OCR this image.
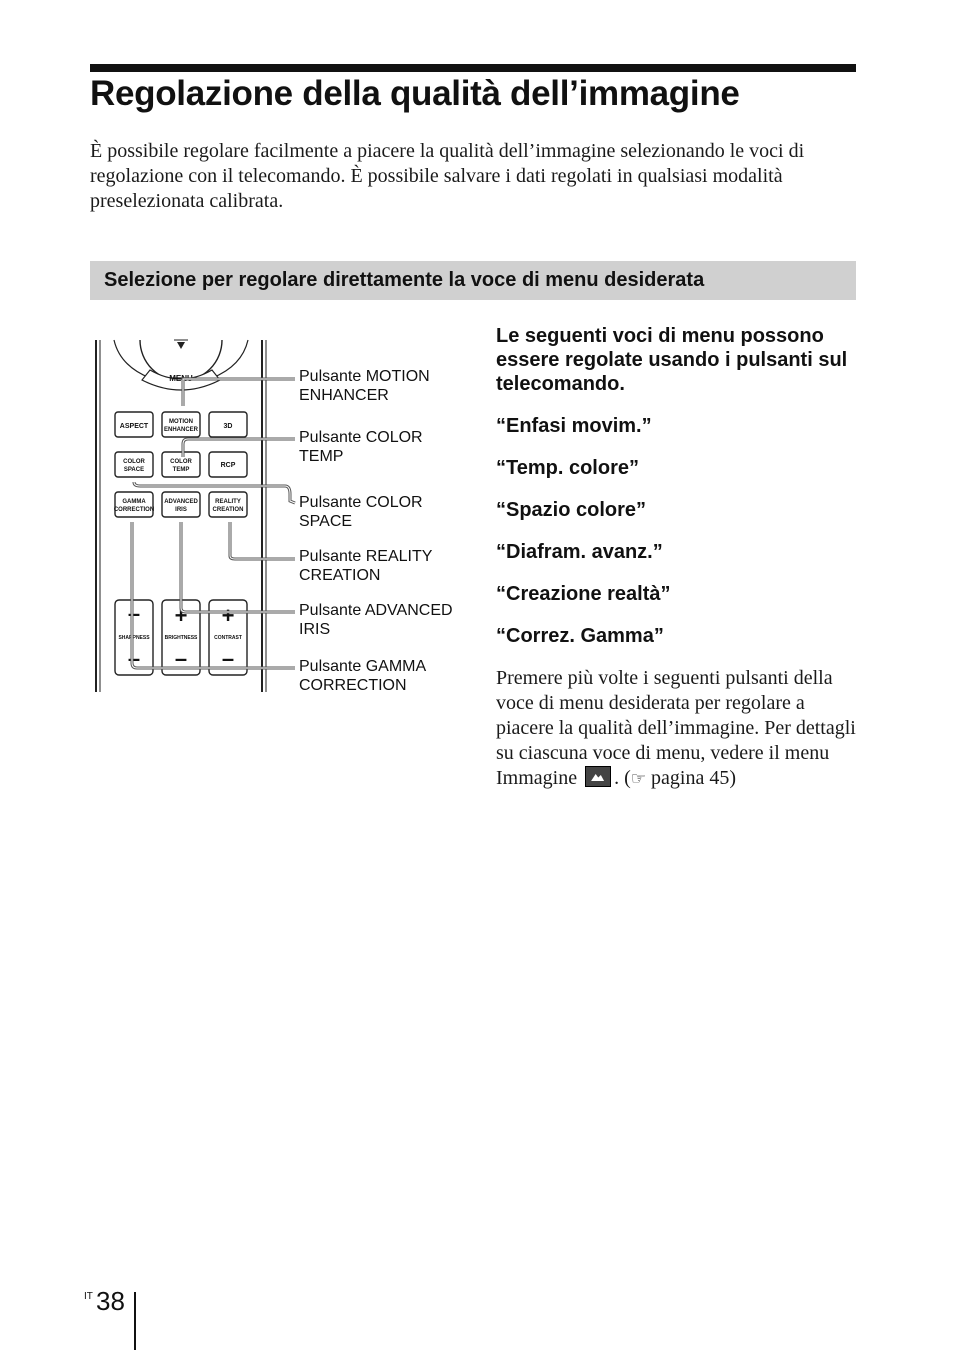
Regolazione della qualità dell’immagine

È possibile regolare facilmente a piacere la qualità dell’immagine selezionando le voci di regolazione con il telecomando. È possibile salvare i dati regolati in qualsiasi modalità preselezionata calibrata.

Selezione per regolare direttamente la voce di menu desiderata
MENU
ASPECT
MOTION
ENHANCER	3D
COLOR
SPACE
COLOR
TEMP
RCP
GAMMA
CORRECTION
ADVANCED
IRIS
REALITY
CREATION
–
SHARPNESS
–
+
BRIGHTNESS
–
+
CONTRAST
–

Pulsante MOTION ENHANCER

Pulsante COLOR TEMP

Pulsante COLOR SPACE

Pulsante REALITY CREATION

Pulsante ADVANCED IRIS

Pulsante GAMMA CORRECTION

Le seguenti voci di menu possono essere regolate usando i pulsanti sul telecomando.

“Enfasi movim.”
“Temp. colore”
“Spazio colore”
“Diafram. avanz.”
“Creazione realtà”
“Correz. Gamma”

Premere più volte i seguenti pulsanti della voce di menu desiderata per regolare a piacere la qualità dell’immagine. Per dettagli su ciascuna voce di menu, vedere il menu Immagine . (☞ pagina 45)

IT 38
